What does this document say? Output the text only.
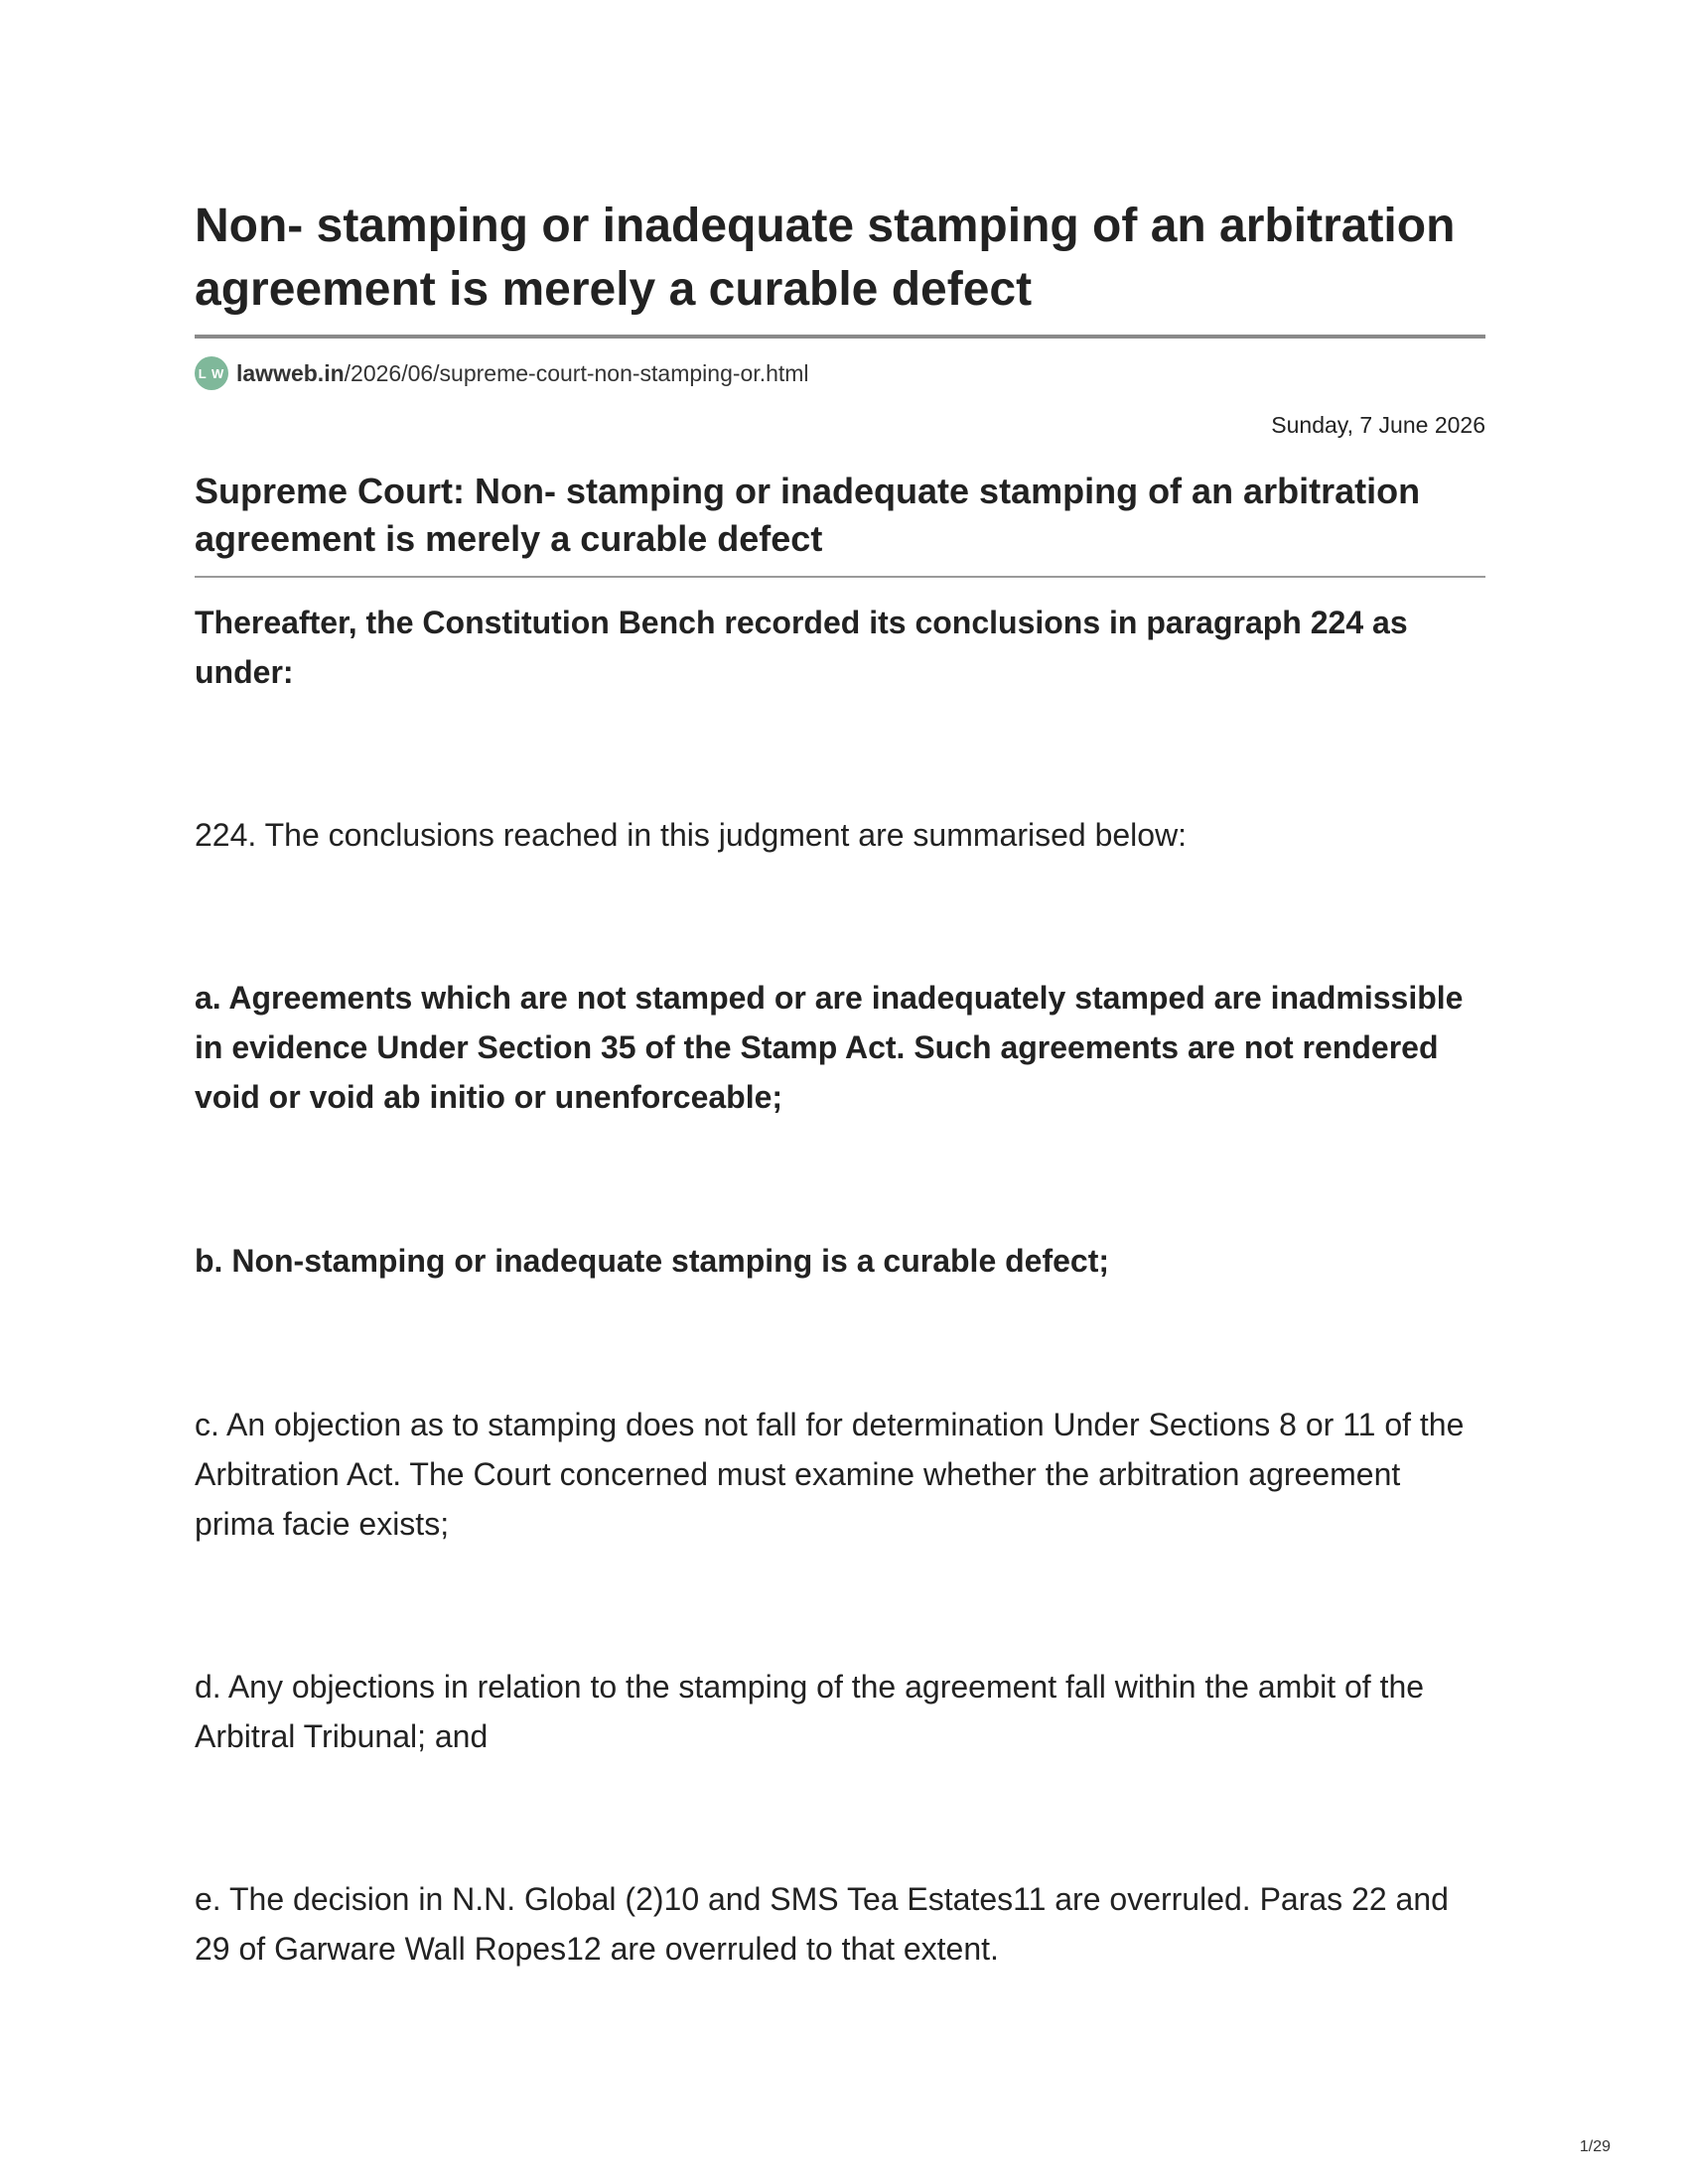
Non- stamping or inadequate stamping of an arbitration agreement is merely a curable defect
L W lawweb.in /2026/06/supreme-court-non-stamping-or.html
Sunday, 7 June 2026
Supreme Court: Non- stamping or inadequate stamping of an arbitration agreement is merely a curable defect

Thereafter, the Constitution Bench recorded its conclusions in paragraph 224 as under:

224. The conclusions reached in this judgment are summarised below:

a. Agreements which are not stamped or are inadequately stamped are inadmissible in evidence Under Section 35 of the Stamp Act. Such agreements are not rendered void or void ab initio or unenforceable;

b. Non-stamping or inadequate stamping is a curable defect;

c. An objection as to stamping does not fall for determination Under Sections 8 or 11 of the Arbitration Act. The Court concerned must examine whether the arbitration agreement prima facie exists;

d. Any objections in relation to the stamping of the agreement fall within the ambit of the Arbitral Tribunal; and

e. The decision in N.N. Global (2)10 and SMS Tea Estates11 are overruled. Paras 22 and 29 of Garware Wall Ropes12 are overruled to that extent.

1/29
